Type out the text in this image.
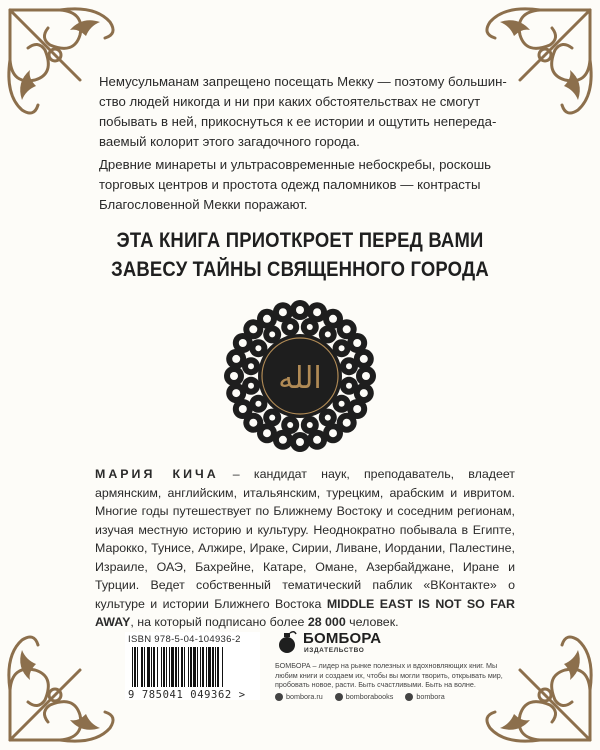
Немусульманам запрещено посещать Мекку — поэтому большин-
ство людей никогда и ни при каких обстоятельствах не смогут
побывать в ней, прикоснуться к ее истории и ощутить непереда-
ваемый колорит этого загадочного города.

Древние минареты и ультрасовременные небоскребы, роскошь
торговых центров и простота одежд паломников — контрасты
Благословенной Мекки поражают.

ЭТА КНИГА ПРИОТКРОЕТ ПЕРЕД ВАМИ
ЗАВЕСУ ТАЙНЫ СВЯЩЕННОГО ГОРОДА
الله

МАРИЯ КИЧА – кандидат наук, преподаватель, владеет армянским, английским, итальянским, турецким, арабским и ивритом. Многие годы путешествует по Ближнему Востоку и соседним регионам, изучая местную историю и культуру. Неоднократно побывала в Египте, Марокко, Тунисе, Алжире, Ираке, Сирии, Ливане, Иордании, Палестине, Израиле, ОАЭ, Бахрейне, Катаре, Омане, Азербайджане, Иране и Турции. Ведет собственный тематический паблик «ВКонтакте» о культуре и истории Ближнего Востока MIDDLE EAST IS NOT SO FAR AWAY, на который подписано более 28 000 человек.

ISBN 978-5-04-104936-2
9 785041 049362 >
БОМБОРА
ИЗДАТЕЛЬСТВО

БОМБОРА – лидер на рынке полезных и вдохновляющих книг. Мы любим книги и создаем их, чтобы вы могли творить, открывать мир, пробовать новое, расти. Быть счастливыми. Быть на волне.

bombora.ru	bomborabooks	bombora
